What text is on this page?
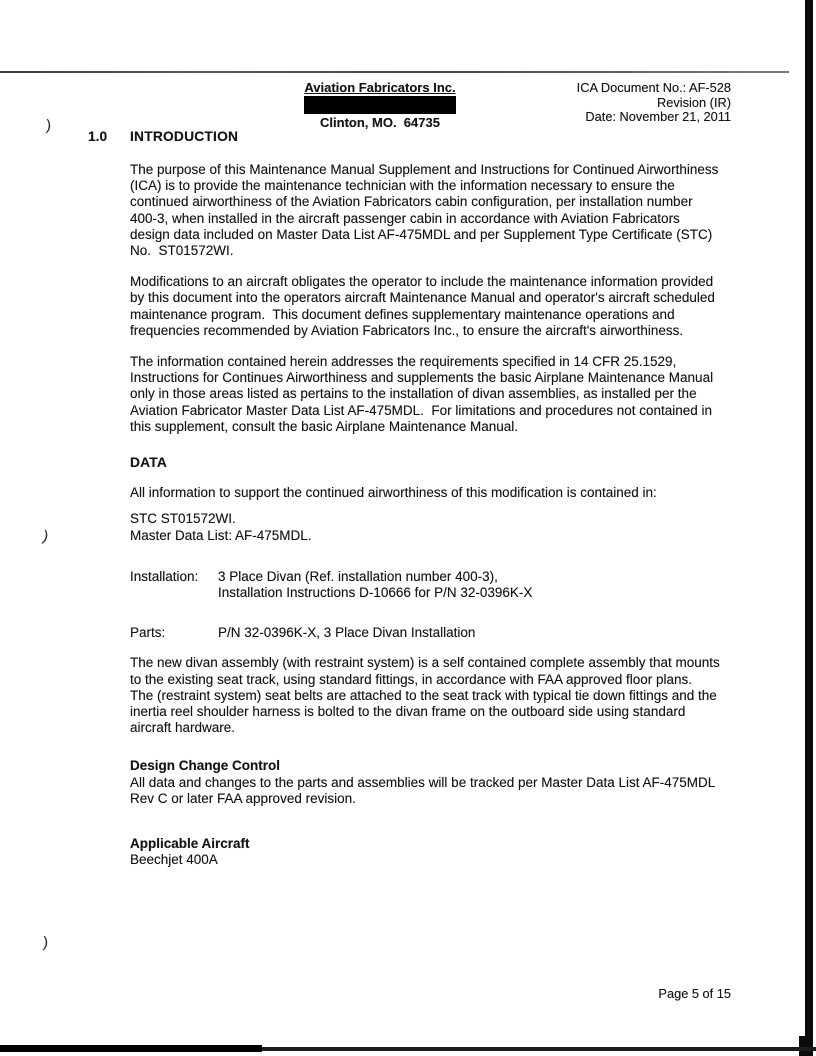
)
)
)
Aviation Fabricators Inc.
Clinton, MO.  64735
ICA Document No.: AF-528
Revision (IR)
Date: November 21, 2011
1.0 INTRODUCTION

The purpose of this Maintenance Manual Supplement and Instructions for Continued Airworthiness (ICA) is to provide the maintenance technician with the information necessary to ensure the continued airworthiness of the Aviation Fabricators cabin configuration, per installation number 400-3, when installed in the aircraft passenger cabin in accordance with Aviation Fabricators design data included on Master Data List AF-475MDL and per Supplement Type Certificate (STC) No.  ST01572WI.

Modifications to an aircraft obligates the operator to include the maintenance information provided by this document into the operators aircraft Maintenance Manual and operator's aircraft scheduled maintenance program.  This document defines supplementary maintenance operations and frequencies recommended by Aviation Fabricators Inc., to ensure the aircraft's airworthiness.

The information contained herein addresses the requirements specified in 14 CFR 25.1529, Instructions for Continues Airworthiness and supplements the basic Airplane Maintenance Manual only in those areas listed as pertains to the installation of divan assemblies, as installed per the Aviation Fabricator Master Data List AF-475MDL.  For limitations and procedures not contained in this supplement, consult the basic Airplane Maintenance Manual.

DATA

All information to support the continued airworthiness of this modification is contained in:

STC ST01572WI.
Master Data List: AF-475MDL.

Installation:	3 Place Divan (Ref. installation number 400-3),
Installation Instructions D-10666 for P/N 32-0396K-X
Parts:	P/N 32-0396K-X, 3 Place Divan Installation

The new divan assembly (with restraint system) is a self contained complete assembly that mounts to the existing seat track, using standard fittings, in accordance with FAA approved floor plans.  The (restraint system) seat belts are attached to the seat track with typical tie down fittings and the inertia reel shoulder harness is bolted to the divan frame on the outboard side using standard aircraft hardware.

Design Change Control
All data and changes to the parts and assemblies will be tracked per Master Data List AF-475MDL Rev C or later FAA approved revision.
Applicable Aircraft
Beechjet 400A
Page 5 of 15
